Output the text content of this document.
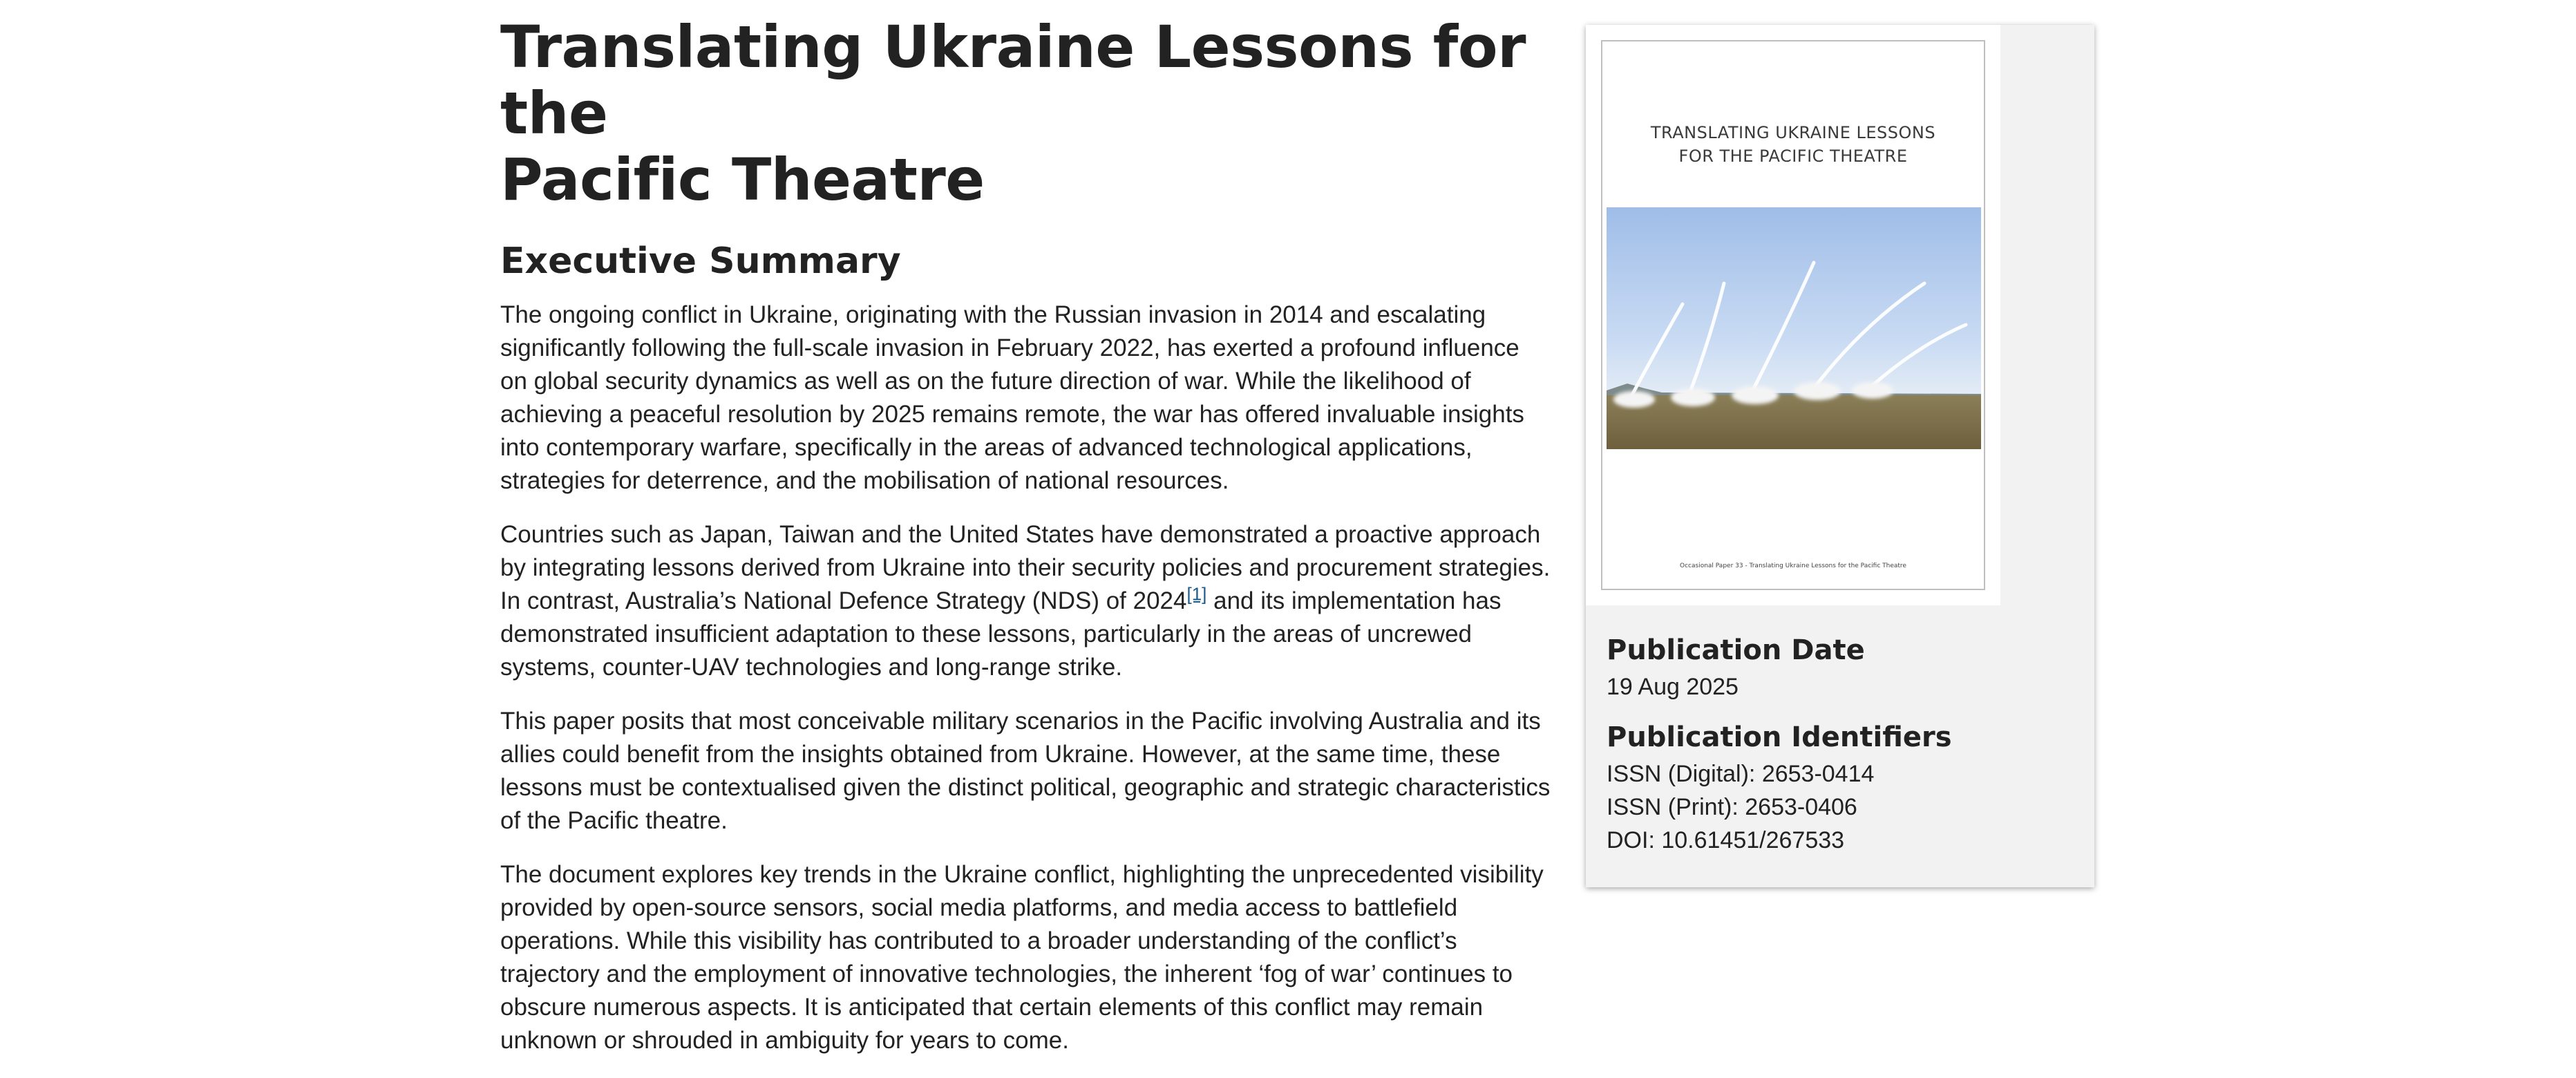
Translating Ukraine Lessons for the
Pacific Theatre
Executive Summary

The ongoing conflict in Ukraine, originating with the Russian invasion in 2014 and escalating significantly following the full-scale invasion in February 2022, has exerted a profound influence on global security dynamics as well as on the future direction of war. While the likelihood of achieving a peaceful resolution by 2025 remains remote, the war has offered invaluable insights into contemporary warfare, specifically in the areas of advanced technological applications, strategies for deterrence, and the mobilisation of national resources.

Countries such as Japan, Taiwan and the United States have demonstrated a proactive approach by integrating lessons derived from Ukraine into their security policies and procurement strategies. In contrast, Australia’s National Defence Strategy (NDS) of 2024[1] and its implementation has demonstrated insufficient adaptation to these lessons, particularly in the areas of uncrewed systems, counter-UAV technologies and long-range strike.

This paper posits that most conceivable military scenarios in the Pacific involving Australia and its allies could benefit from the insights obtained from Ukraine. However, at the same time, these lessons must be contextualised given the distinct political, geographic and strategic characteristics of the Pacific theatre.

The document explores key trends in the Ukraine conflict, highlighting the unprecedented visibility provided by open-source sensors, social media platforms, and media access to battlefield operations. While this visibility has contributed to a broader understanding of the conflict’s trajectory and the employment of innovative technologies, the inherent ‘fog of war’ continues to obscure numerous aspects. It is anticipated that certain elements of this conflict may remain unknown or shrouded in ambiguity for years to come.

TRANSLATING UKRAINE LESSONS
FOR THE PACIFIC THEATRE
Occasional Paper 33 - Translating Ukraine Lessons for the Pacific Theatre
Publication Date
19 Aug 2025
Publication Identifiers
ISSN (Digital): 2653-0414
ISSN (Print): 2653-0406
DOI: 10.61451/267533
